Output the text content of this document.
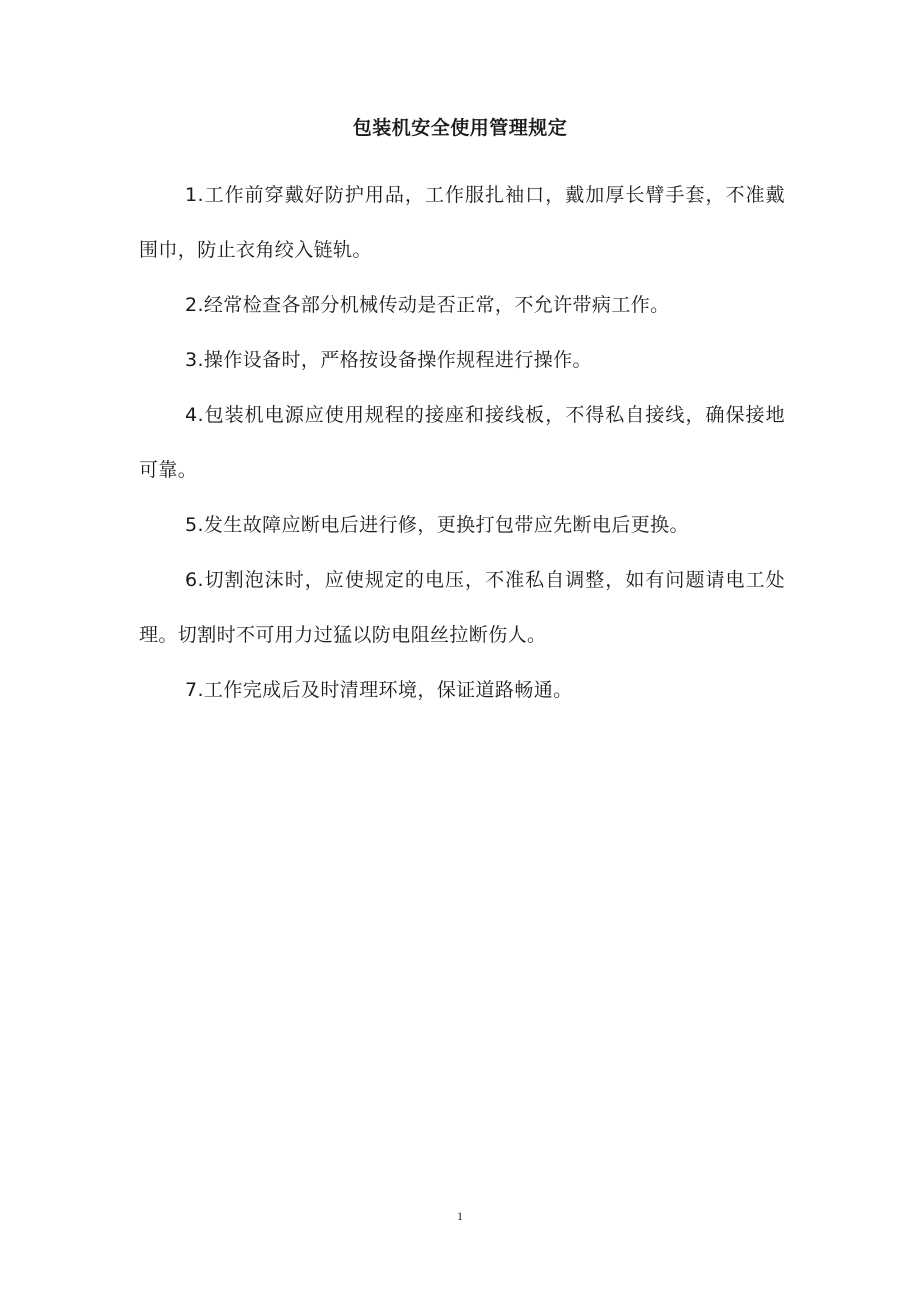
包装机安全使用管理规定

1.工作前穿戴好防护用品，工作服扎袖口，戴加厚长臂手套，不准戴围巾，防止衣角绞入链轨。

2.经常检查各部分机械传动是否正常，不允许带病工作。

3.操作设备时，严格按设备操作规程进行操作。

4.包装机电源应使用规程的接座和接线板，不得私自接线，确保接地可靠。

5.发生故障应断电后进行修，更换打包带应先断电后更换。

6.切割泡沫时，应使规定的电压，不准私自调整，如有问题请电工处理。切割时不可用力过猛以防电阻丝拉断伤人。

7.工作完成后及时清理环境，保证道路畅通。

1
